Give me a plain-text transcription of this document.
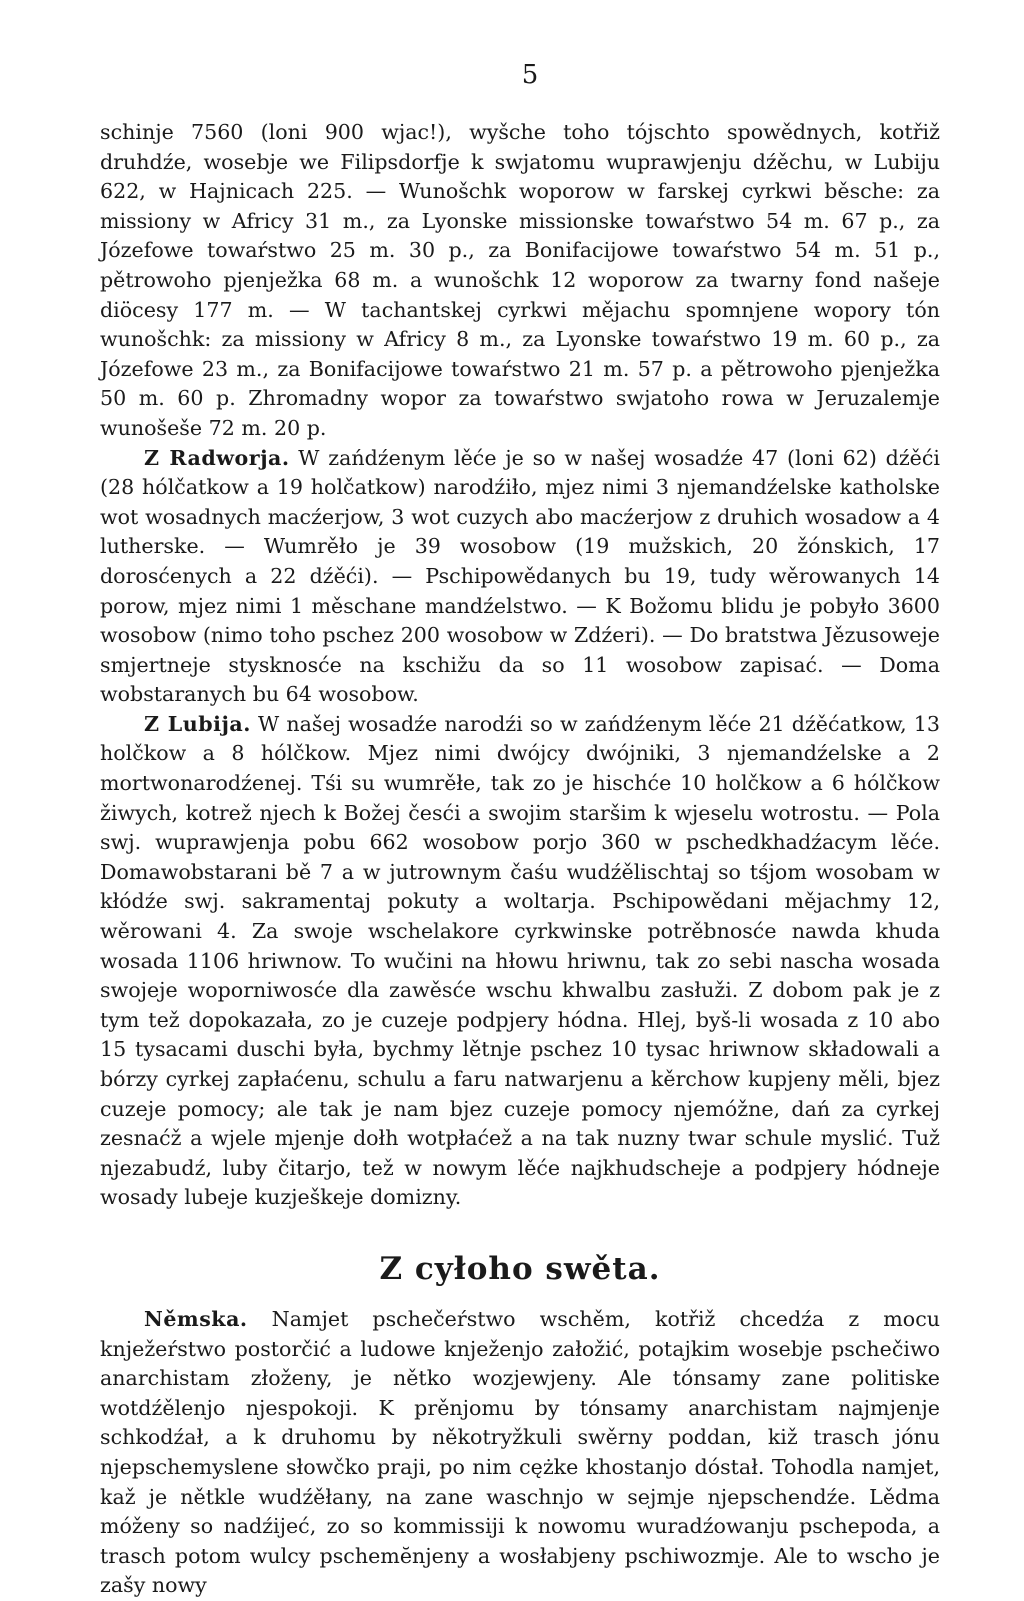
5

schinje 7560 (loni 900 wjac!), wyšche toho tójschto spowědnych, kotřiž druhdźe, wosebje we Filipsdorfje k swjatomu wuprawjenju dźěchu, w Lubiju 622, w Hajnicach 225. — Wunošchk woporow w farskej cyrkwi běsche: za missiony w Africy 31 m., za Lyonske missionske towaŕstwo 54 m. 67 p., za Józefowe towaŕstwo 25 m. 30 p., za Bonifacijowe towaŕstwo 54 m. 51 p., pětrowoho pjenježka 68 m. a wunošchk 12 woporow za twarny fond našeje diöcesy 177 m. — W tachantskej cyrkwi mějachu spomnjene wopory tón wunošchk: za missiony w Africy 8 m., za Lyonske towaŕstwo 19 m. 60 p., za Józefowe 23 m., za Bonifacijowe towaŕstwo 21 m. 57 p. a pětrowoho pjenježka 50 m. 60 p. Zhromadny wopor za towaŕstwo swjatoho rowa w Jeruzalemje wunošeše 72 m. 20 p.

Z Radworja. W zańdźenym lěće je so w našej wosadźe 47 (loni 62) dźěći (28 hólčatkow a 19 holčatkow) narodźiło, mjez nimi 3 njemandźelske katholske wot wosadnych macźerjow, 3 wot cuzych abo macźerjow z druhich wosadow a 4 lutherske. — Wumrěło je 39 wosobow (19 mužskich, 20 žónskich, 17 dorosćenych a 22 dźěći). — Pschipowědanych bu 19, tudy wěrowanych 14 porow, mjez nimi 1 měschane mandźelstwo. — K Božomu blidu je pobyło 3600 wosobow (nimo toho pschez 200 wosobow w Zdźeri). — Do bratstwa Jězusoweje smjertneje stysknosće na kschižu da so 11 wosobow zapisać. — Doma wobstaranych bu 64 wosobow.

Z Lubija. W našej wosadźe narodźi so w zańdźenym lěće 21 dźěćatkow, 13 holčkow a 8 hólčkow. Mjez nimi dwójcy dwójniki, 3 njemandźelske a 2 mortwonarodźenej. Tśi su wumrěłe, tak zo je hischće 10 holčkow a 6 hólčkow žiwych, kotrež njech k Božej česći a swojim staršim k wjeselu wotrostu. — Pola swj. wuprawjenja pobu 662 wosobow porjo 360 w pschedkhadźacym lěće. Domawobstarani bě 7 a w jutrownym čaśu wudźělischtaj so tśjom wosobam w kłódźe swj. sakramentaj pokuty a woltarja. Pschipowědani mějachmy 12, wěrowani 4. Za swoje wschelakore cyrkwinske potrěbnosće nawda khuda wosada 1106 hriwnow. To wučini na hłowu hriwnu, tak zo sebi nascha wosada swojeje woporniwosće dla zawěsće wschu khwalbu zasłuži. Z dobom pak je z tym tež dopokazała, zo je cuzeje podpjery hódna. Hlej, byš-li wosada z 10 abo 15 tysacami duschi była, bychmy lětnje pschez 10 tysac hriwnow składowali a bórzy cyrkej zapłaćenu, schulu a faru natwarjenu a kěrchow kupjeny měli, bjez cuzeje pomocy; ale tak je nam bjez cuzeje pomocy njemóžne, dań za cyrkej zesnaćž a wjele mjenje dołh wotpłaćež a na tak nuzny twar schule myslić. Tuž njezabudź, luby čitarjo, tež w nowym lěće najkhudscheje a podpjery hódneje wosady lubeje kuzješkeje domizny.

Z cyłoho swěta.

Němska. Namjet pschečeŕstwo wschěm, kotřiž chcedźa z mocu knježeŕstwo postorčić a ludowe knježenjo załožić, potajkim wosebje pschečiwo anarchistam złoženy, je nětko wozjewjeny. Ale tónsamy zane politiske wotdźělenjo njespokoji. K prěnjomu by tónsamy anarchistam najmjenje schkodźał, a k druhomu by někotryžkuli swěrny poddan, kiž trasch jónu njepschemyslene słowčko praji, po nim cężke khostanjo dóstał. Tohodla namjet, kaž je nětkle wudźěłany, na zane waschnjo w sejmje njepschendźe. Lědma móženy so nadźijeć, zo so kommissiji k nowomu wuradźowanju pschepoda, a trasch potom wulcy pschemĕnjeny a wosłabjeny pschiwozmje. Ale to wscho je zašy nowy
